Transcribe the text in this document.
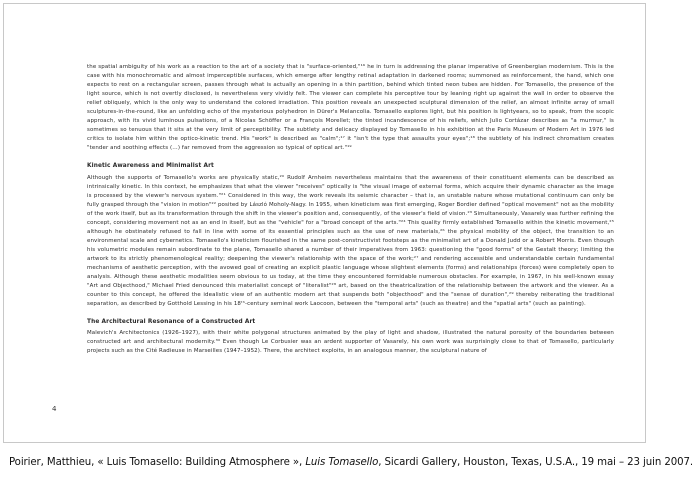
the spatial ambiguity of his work as a reaction to the art of a society that is "surface-oriented,"¹⁶ he in turn is addressing the planar imperative of Greenbergian modernism. This is the case with his monochromatic and almost imperceptible surfaces, which emerge after lengthy retinal adaptation in darkened rooms; summoned as reinforcement, the hand, which one expects to rest on a rectangular screen, passes through what is actually an opening in a thin partition, behind which tinted neon tubes are hidden. For Tomasello, the presence of the light source, which is not overtly disclosed, is nevertheless very vividly felt. The viewer can complete his perceptive tour by leaning right up against the wall in order to observe the relief obliquely, which is the only way to understand the colored irradiation. This position reveals an unexpected sculptural dimension of the relief, an almost infinite array of small sculptures-in-the-round, like an unfolding echo of the mysterious polyhedron in Dürer's Melancolia. Tomasello explores light, but his position is lightyears, so to speak, from the scopic approach, with its vivid luminous pulsations, of a Nicolas Schöffer or a François Morellet; the tinted incandescence of his reliefs, which Julio Cortázar describes as "a murmur," is sometimes so tenuous that it sits at the very limit of perceptibility. The subtlety and delicacy displayed by Tomasello in his exhibition at the Paris Museum of Modern Art in 1976 led critics to isolate him within the optico-kinetic trend. His "work" is described as "calm";¹⁷ it "isn't the type that assaults your eyes";¹⁸ the subtlety of his indirect chromatism creates "tender and soothing effects (…) far removed from the aggression so typical of optical art."¹⁹

Kinetic Awareness and Minimalist Art

Although the supports of Tomasello's works are physically static,²⁰ Rudolf Arnheim nevertheless maintains that the awareness of their constituent elements can be described as intrinsically kinetic. In this context, he emphasizes that what the viewer "receives" optically is "the visual image of external forms, which acquire their dynamic character as the image is processed by the viewer's nervous system."²¹ Considered in this way, the work reveals its seismic character – that is, an unstable nature whose mutational continuum can only be fully grasped through the "vision in motion"²² posited by László Moholy-Nagy. In 1955, when kineticism was first emerging, Roger Bordier defined "optical movement" not as the mobility of the work itself, but as its transformation through the shift in the viewer's position and, consequently, of the viewer's field of vision.²³ Simultaneously, Vasarely was further refining the concept, considering movement not as an end in itself, but as the "vehicle" for a "broad concept of the arts."²⁴ This quality firmly established Tomasello within the kinetic movement,²⁵ although he obstinately refused to fall in line with some of its essential principles such as the use of new materials,²⁶ the physical mobility of the object, the transition to an environmental scale and cybernetics. Tomasello's kineticism flourished in the same post-constructivist footsteps as the minimalist art of a Donald Judd or a Robert Morris. Even though his volumetric modules remain subordinate to the plane, Tomasello shared a number of their imperatives from 1963: questioning the "good forms" of the Gestalt theory; limiting the artwork to its strictly phenomenological reality; deepening the viewer's relationship with the space of the work;²⁷ and rendering accessible and understandable certain fundamental mechanisms of aesthetic perception, with the avowed goal of creating an explicit plastic language whose slightest elements (forms) and relationships (forces) were completely open to analysis. Although these aesthetic modalities seem obvious to us today, at the time they encountered formidable numerous obstacles. For example, in 1967, in his well-known essay "Art and Objecthood," Michael Fried denounced this materialist concept of "literalist"²⁸ art, based on the theatricalization of the relationship between the artwork and the viewer. As a counter to this concept, he offered the idealistic view of an authentic modern art that suspends both "objecthood" and the "sense of duration",²⁹ thereby reiterating the traditional separation, as described by Gotthold Lessing in his 18ᵗʰ-century seminal work Laocoon, between the "temporal arts" (such as theatre) and the "spatial arts" (such as painting).

The Architectural Resonance of a Constructed Art

Malevich's Architectonics (1926–1927), with their white polygonal structures animated by the play of light and shadow, illustrated the natural porosity of the boundaries between constructed art and architectural modernity.³⁰ Even though Le Corbusier was an ardent supporter of Vasarely, his own work was surprisingly close to that of Tomasello, particularly projects such as the Cité Radieuse in Marseilles (1947–1952). There, the architect exploits, in an analogous manner, the sculptural nature of

4
Poirier, Matthieu, « Luis Tomasello: Building Atmosphere », Luis Tomasello, Sicardi Gallery, Houston, Texas, U.S.A., 19 mai – 23 juin 2007.
